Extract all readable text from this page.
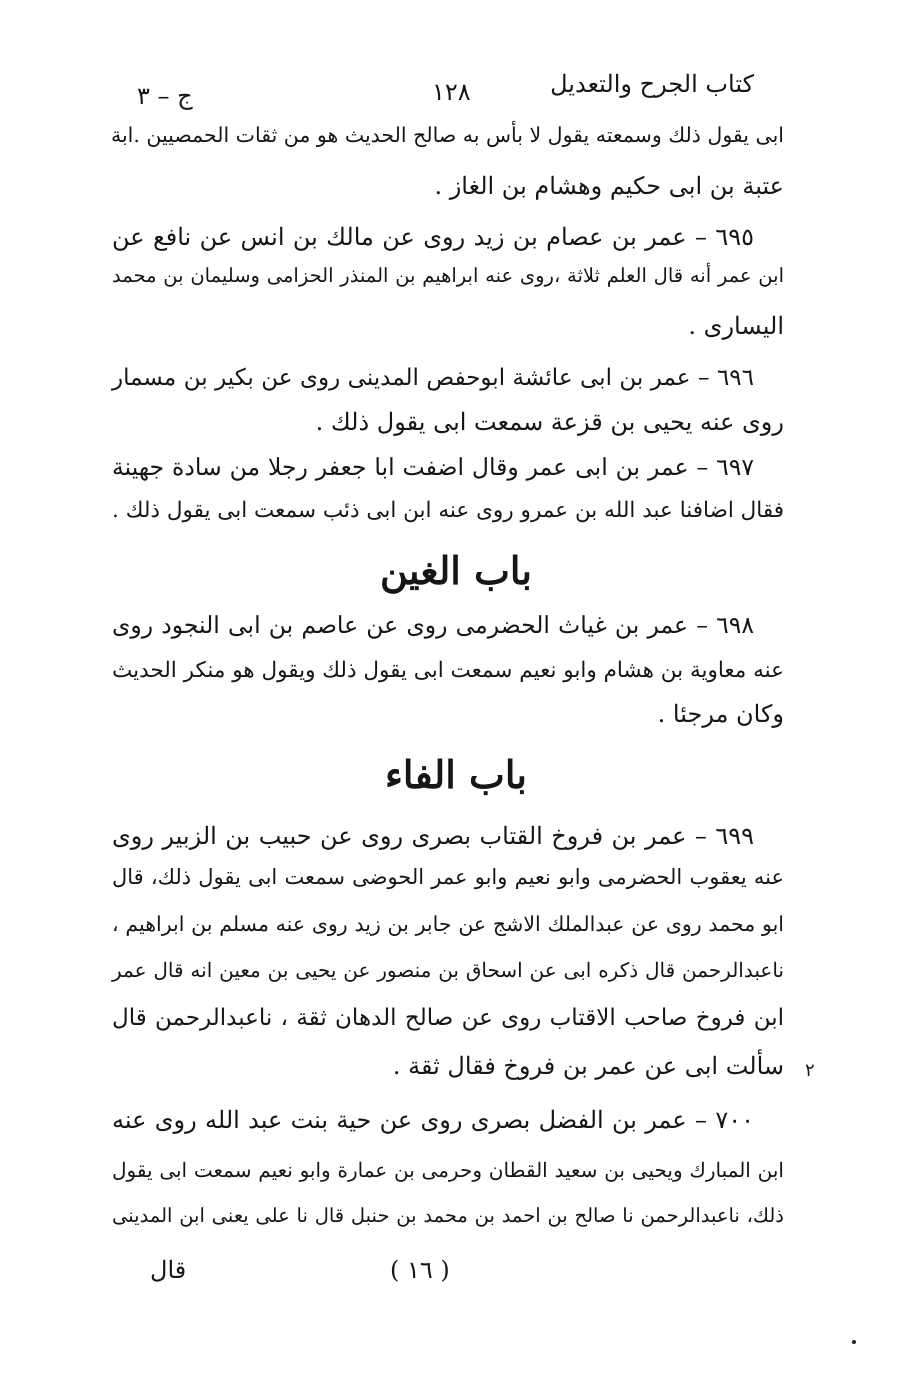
كتاب الجرح والتعديل
١٢٨
ج – ٣
ابى يقول ذلك وسمعته يقول لا بأس به صالح الحديث هو من ثقات الحمصيين .ابة
عتبة بن ابى حكيم وهشام بن الغاز .
٦٩٥ – عمر بن عصام بن زيد روى عن مالك بن انس عن نافع عن
ابن عمر أنه قال العلم ثلاثة ،روى عنه ابراهيم بن المنذر الحزامى وسليمان بن محمد
اليسارى .
٦٩٦ – عمر بن ابى عائشة ابوحفص المدينى روى عن بكير بن مسمار
روى عنه يحيى بن قزعة سمعت ابى يقول ذلك .
٦٩٧ – عمر بن ابى عمر وقال اضفت ابا جعفر رجلا من سادة جهينة
فقال اضافنا عبد الله بن عمرو روى عنه ابن ابى ذئب سمعت ابى يقول ذلك .
باب الغين
٦٩٨ – عمر بن غياث الحضرمى روى عن عاصم بن ابى النجود روى
عنه معاوية بن هشام وابو نعيم سمعت ابى يقول ذلك ويقول هو منكر الحديث
وكان مرجئا .
باب الفاء
٦٩٩ – عمر بن فروخ القتاب بصرى روى عن حبيب بن الزبير روى
عنه يعقوب الحضرمى وابو نعيم وابو عمر الحوضى سمعت ابى يقول ذلك، قال
ابو محمد روى عن عبدالملك الاشج عن جابر بن زيد روى عنه مسلم بن ابراهيم ،
ناعبدالرحمن قال ذكره ابى عن اسحاق بن منصور عن يحيى بن معين انه قال عمر
ابن فروخ صاحب الاقتاب روى عن صالح الدهان ثقة ، ناعبدالرحمن قال
سألت ابى عن عمر بن فروخ فقال ثقة . ٢
٧٠٠ – عمر بن الفضل بصرى روى عن حية بنت عبد الله روى عنه
ابن المبارك ويحيى بن سعيد القطان وحرمى بن عمارة وابو نعيم سمعت ابى يقول
ذلك، ناعبدالرحمن نا صالح بن احمد بن محمد بن حنبل قال نا على يعنى ابن المدينى
( ١٦ )
قال
